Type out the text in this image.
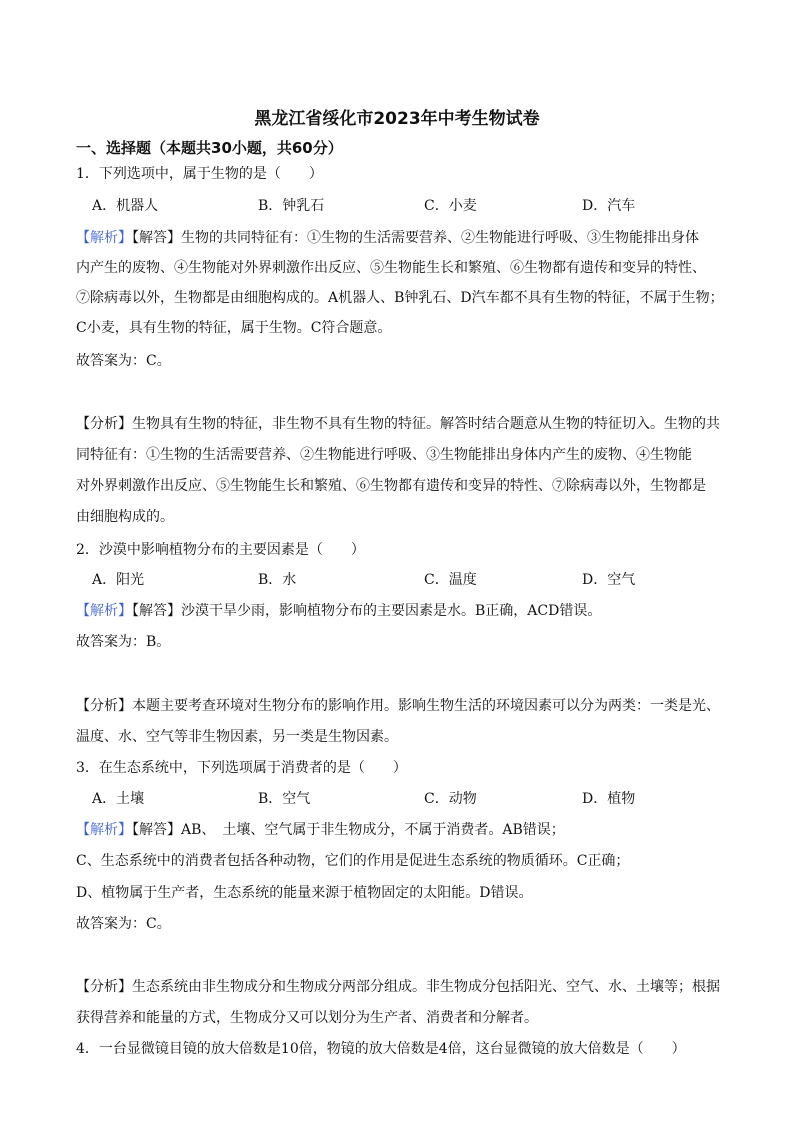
黑龙江省绥化市2023年中考生物试卷
一、选择题（本题共30小题，共60分）
1．下列选项中，属于生物的是（　　）
A．机器人	B．钟乳石	C．小麦	D．汽车
【解析】【解答】生物的共同特征有：①生物的生活需要营养、②生物能进行呼吸、③生物能排出身体
内产生的废物、④生物能对外界刺激作出反应、⑤生物能生长和繁殖、⑥生物都有遗传和变异的特性、
⑦除病毒以外，生物都是由细胞构成的。A机器人、B钟乳石、D汽车都不具有生物的特征，不属于生物；
C小麦，具有生物的特征，属于生物。C符合题意。
故答案为：C。
【分析】生物具有生物的特征，非生物不具有生物的特征。解答时结合题意从生物的特征切入。生物的共
同特征有：①生物的生活需要营养、②生物能进行呼吸、③生物能排出身体内产生的废物、④生物能
对外界刺激作出反应、⑤生物能生长和繁殖、⑥生物都有遗传和变异的特性、⑦除病毒以外，生物都是
由细胞构成的。
2．沙漠中影响植物分布的主要因素是（　　）
A．阳光	B．水	C．温度	D．空气
【解析】【解答】沙漠干旱少雨，影响植物分布的主要因素是水。B正确，ACD错误。
故答案为：B。
【分析】本题主要考查环境对生物分布的影响作用。影响生物生活的环境因素可以分为两类：一类是光、
温度、水、空气等非生物因素，另一类是生物因素。
3．在生态系统中，下列选项属于消费者的是（　　）
A．土壤	B．空气	C．动物	D．植物
【解析】【解答】AB、　土壤、空气属于非生物成分，不属于消费者。AB错误；
C、生态系统中的消费者包括各种动物，它们的作用是促进生态系统的物质循环。C正确；
D、植物属于生产者，生态系统的能量来源于植物固定的太阳能。D错误。
故答案为：C。
【分析】生态系统由非生物成分和生物成分两部分组成。非生物成分包括阳光、空气、水、土壤等；根据
获得营养和能量的方式，生物成分又可以划分为生产者、消费者和分解者。
4．一台显微镜目镜的放大倍数是10倍，物镜的放大倍数是4倍，这台显微镜的放大倍数是（　　）
